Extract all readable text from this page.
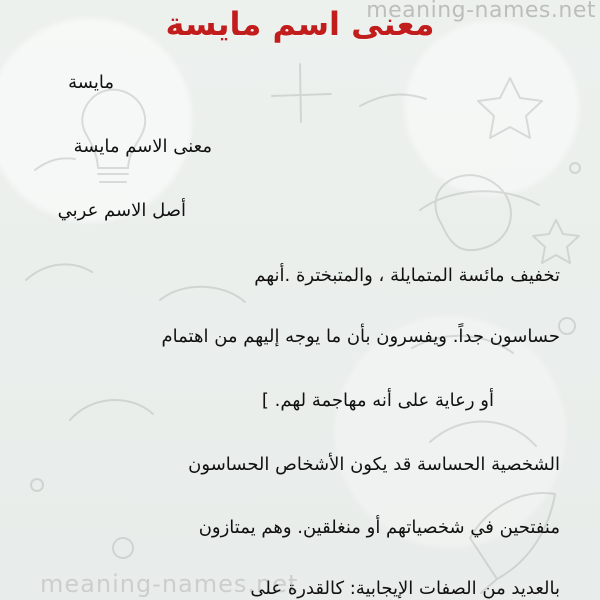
meaning-names.net
meaning-names.net
معنى اسم مايسة
مايسة
معنى الاسم مايسة
أصل الاسم عربي
تخفيف مائسة المتمايلة ، والمتبخترة .أنهم
حساسون جداً. ويفسرون بأن ما يوجه إليهم من اهتمام
أو رعاية على أنه مهاجمة لهم. ]
الشخصية الحساسة قد يكون الأشخاص الحساسون
منفتحين في شخصياتهم أو منغلقين. وهم يمتازون
بالعديد من الصفات الإيجابية: كالقدرة على
